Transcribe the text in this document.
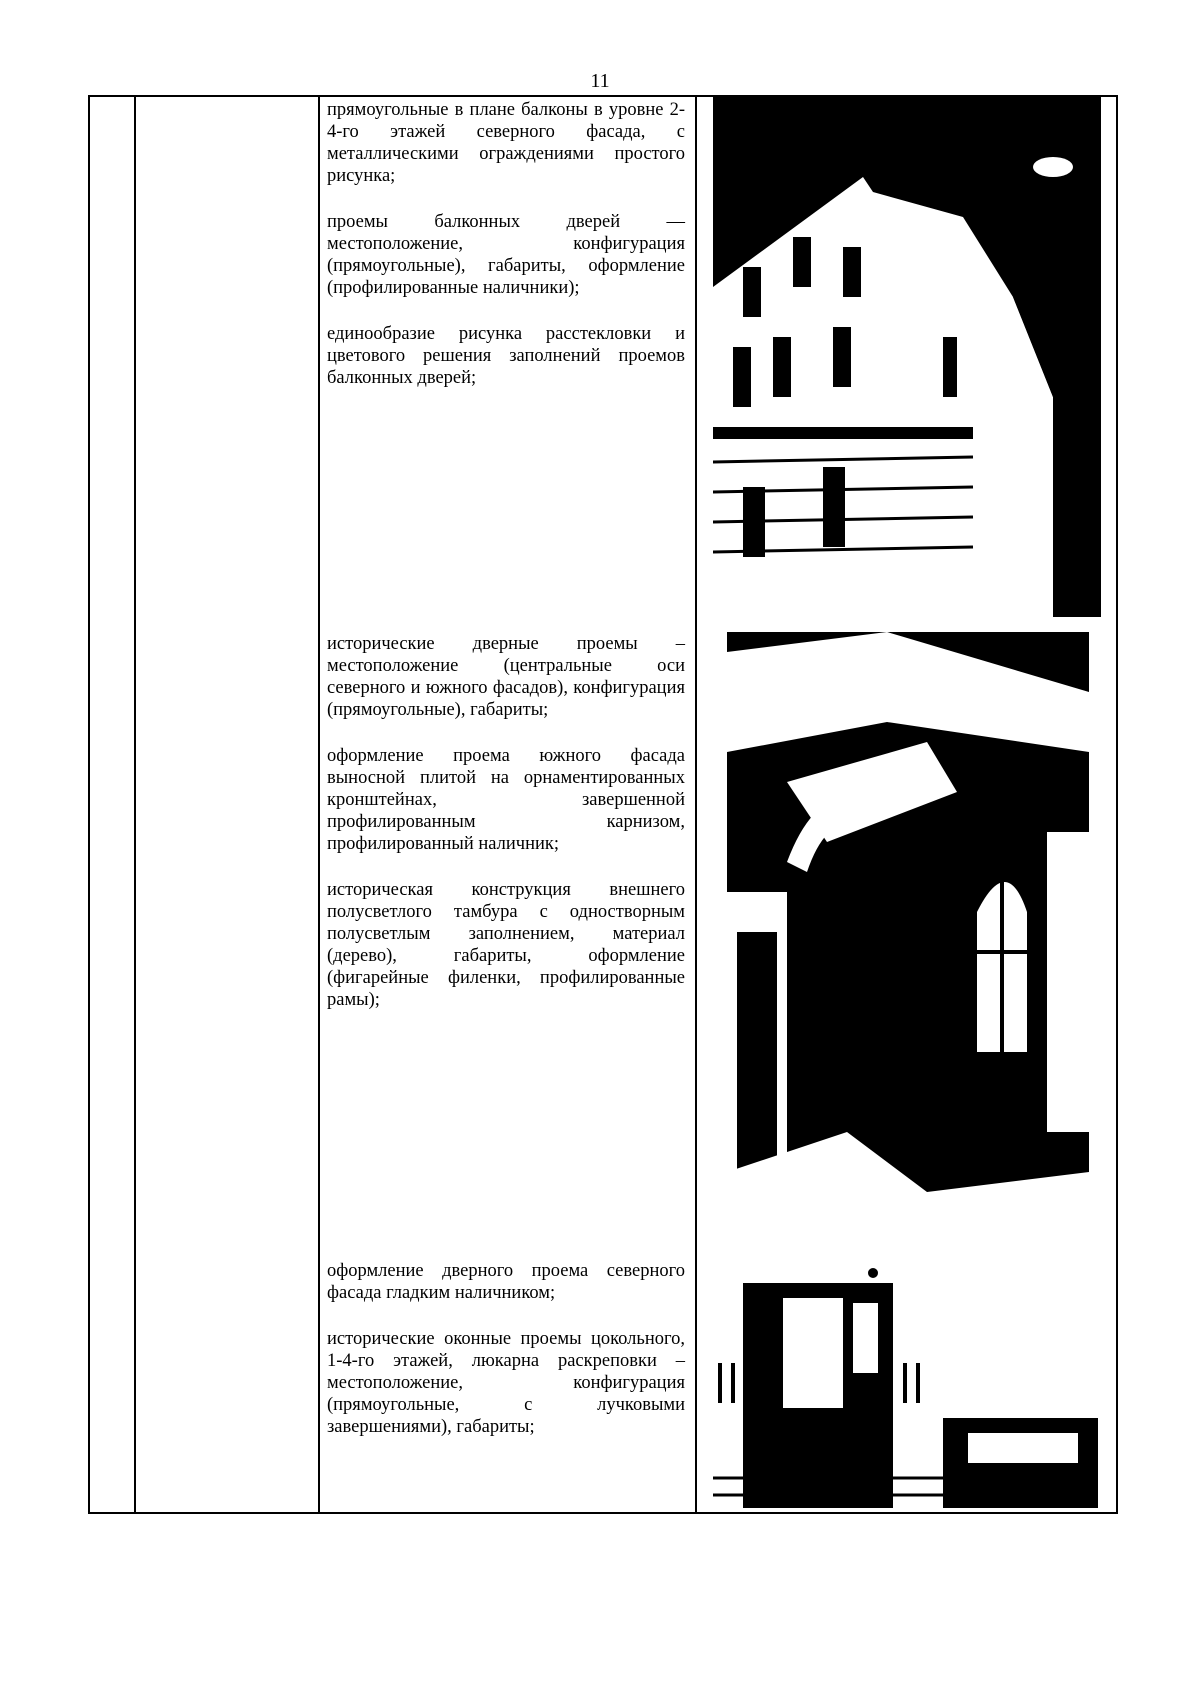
11

прямоугольные в плане балконы в уровне 2-4-го этажей северного фасада, с металлическими ограждениями простого рисунка;

проемы балконных дверей — местоположение, конфигурация (прямоугольные), габариты, оформление (профилированные наличники);

единообразие рисунка расстекловки и цветового решения заполнений проемов балконных дверей;

исторические дверные проемы – местоположение (центральные оси северного и южного фасадов), конфигурация (прямоугольные), габариты;

оформление проема южного фасада выносной плитой на орнаментированных кронштейнах, завершенной профилированным карнизом, профилированный наличник;

историческая конструкция внешнего полусветлого тамбура с одностворным полусветлым заполнением, материал (дерево), габариты, оформление (фигарейные филенки, профилированные рамы);

оформление дверного проема северного фасада гладким наличником;

исторические оконные проемы цокольного, 1-4-го этажей, люкарна раскреповки – местоположение, конфигурация (прямоугольные, с лучковыми завершениями), габариты;
